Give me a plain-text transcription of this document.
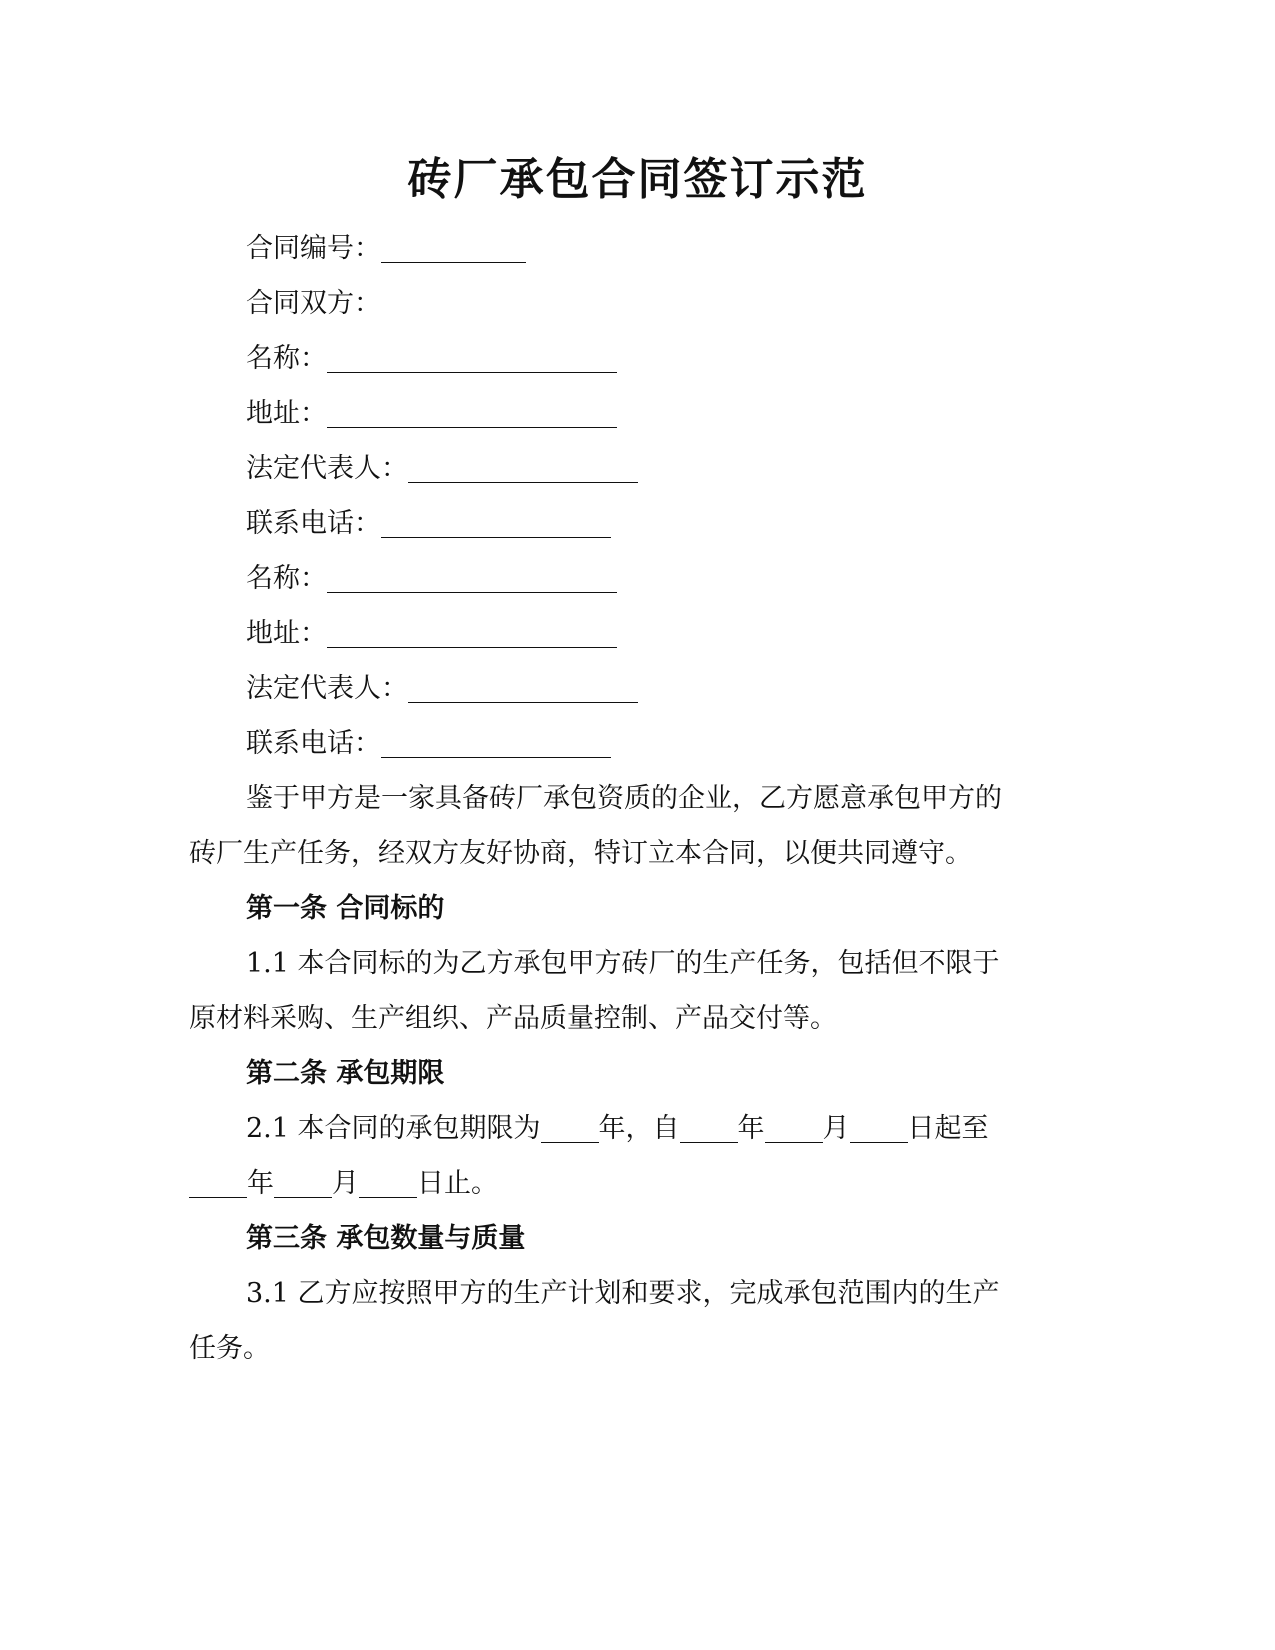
砖厂承包合同签订示范
合同编号：
合同双方：
名称：
地址：
法定代表人：
联系电话：
名称：
地址：
法定代表人：
联系电话：
鉴于甲方是一家具备砖厂承包资质的企业，乙方愿意承包甲方的
砖厂生产任务，经双方友好协商，特订立本合同，以便共同遵守。
第一条 合同标的
1.1 本合同标的为乙方承包甲方砖厂的生产任务，包括但不限于
原材料采购、生产组织、产品质量控制、产品交付等。
第二条 承包期限
2.1 本合同的承包期限为 年，自 年 月 日起至
年 月 日止。
第三条 承包数量与质量
3.1 乙方应按照甲方的生产计划和要求，完成承包范围内的生产
任务。
